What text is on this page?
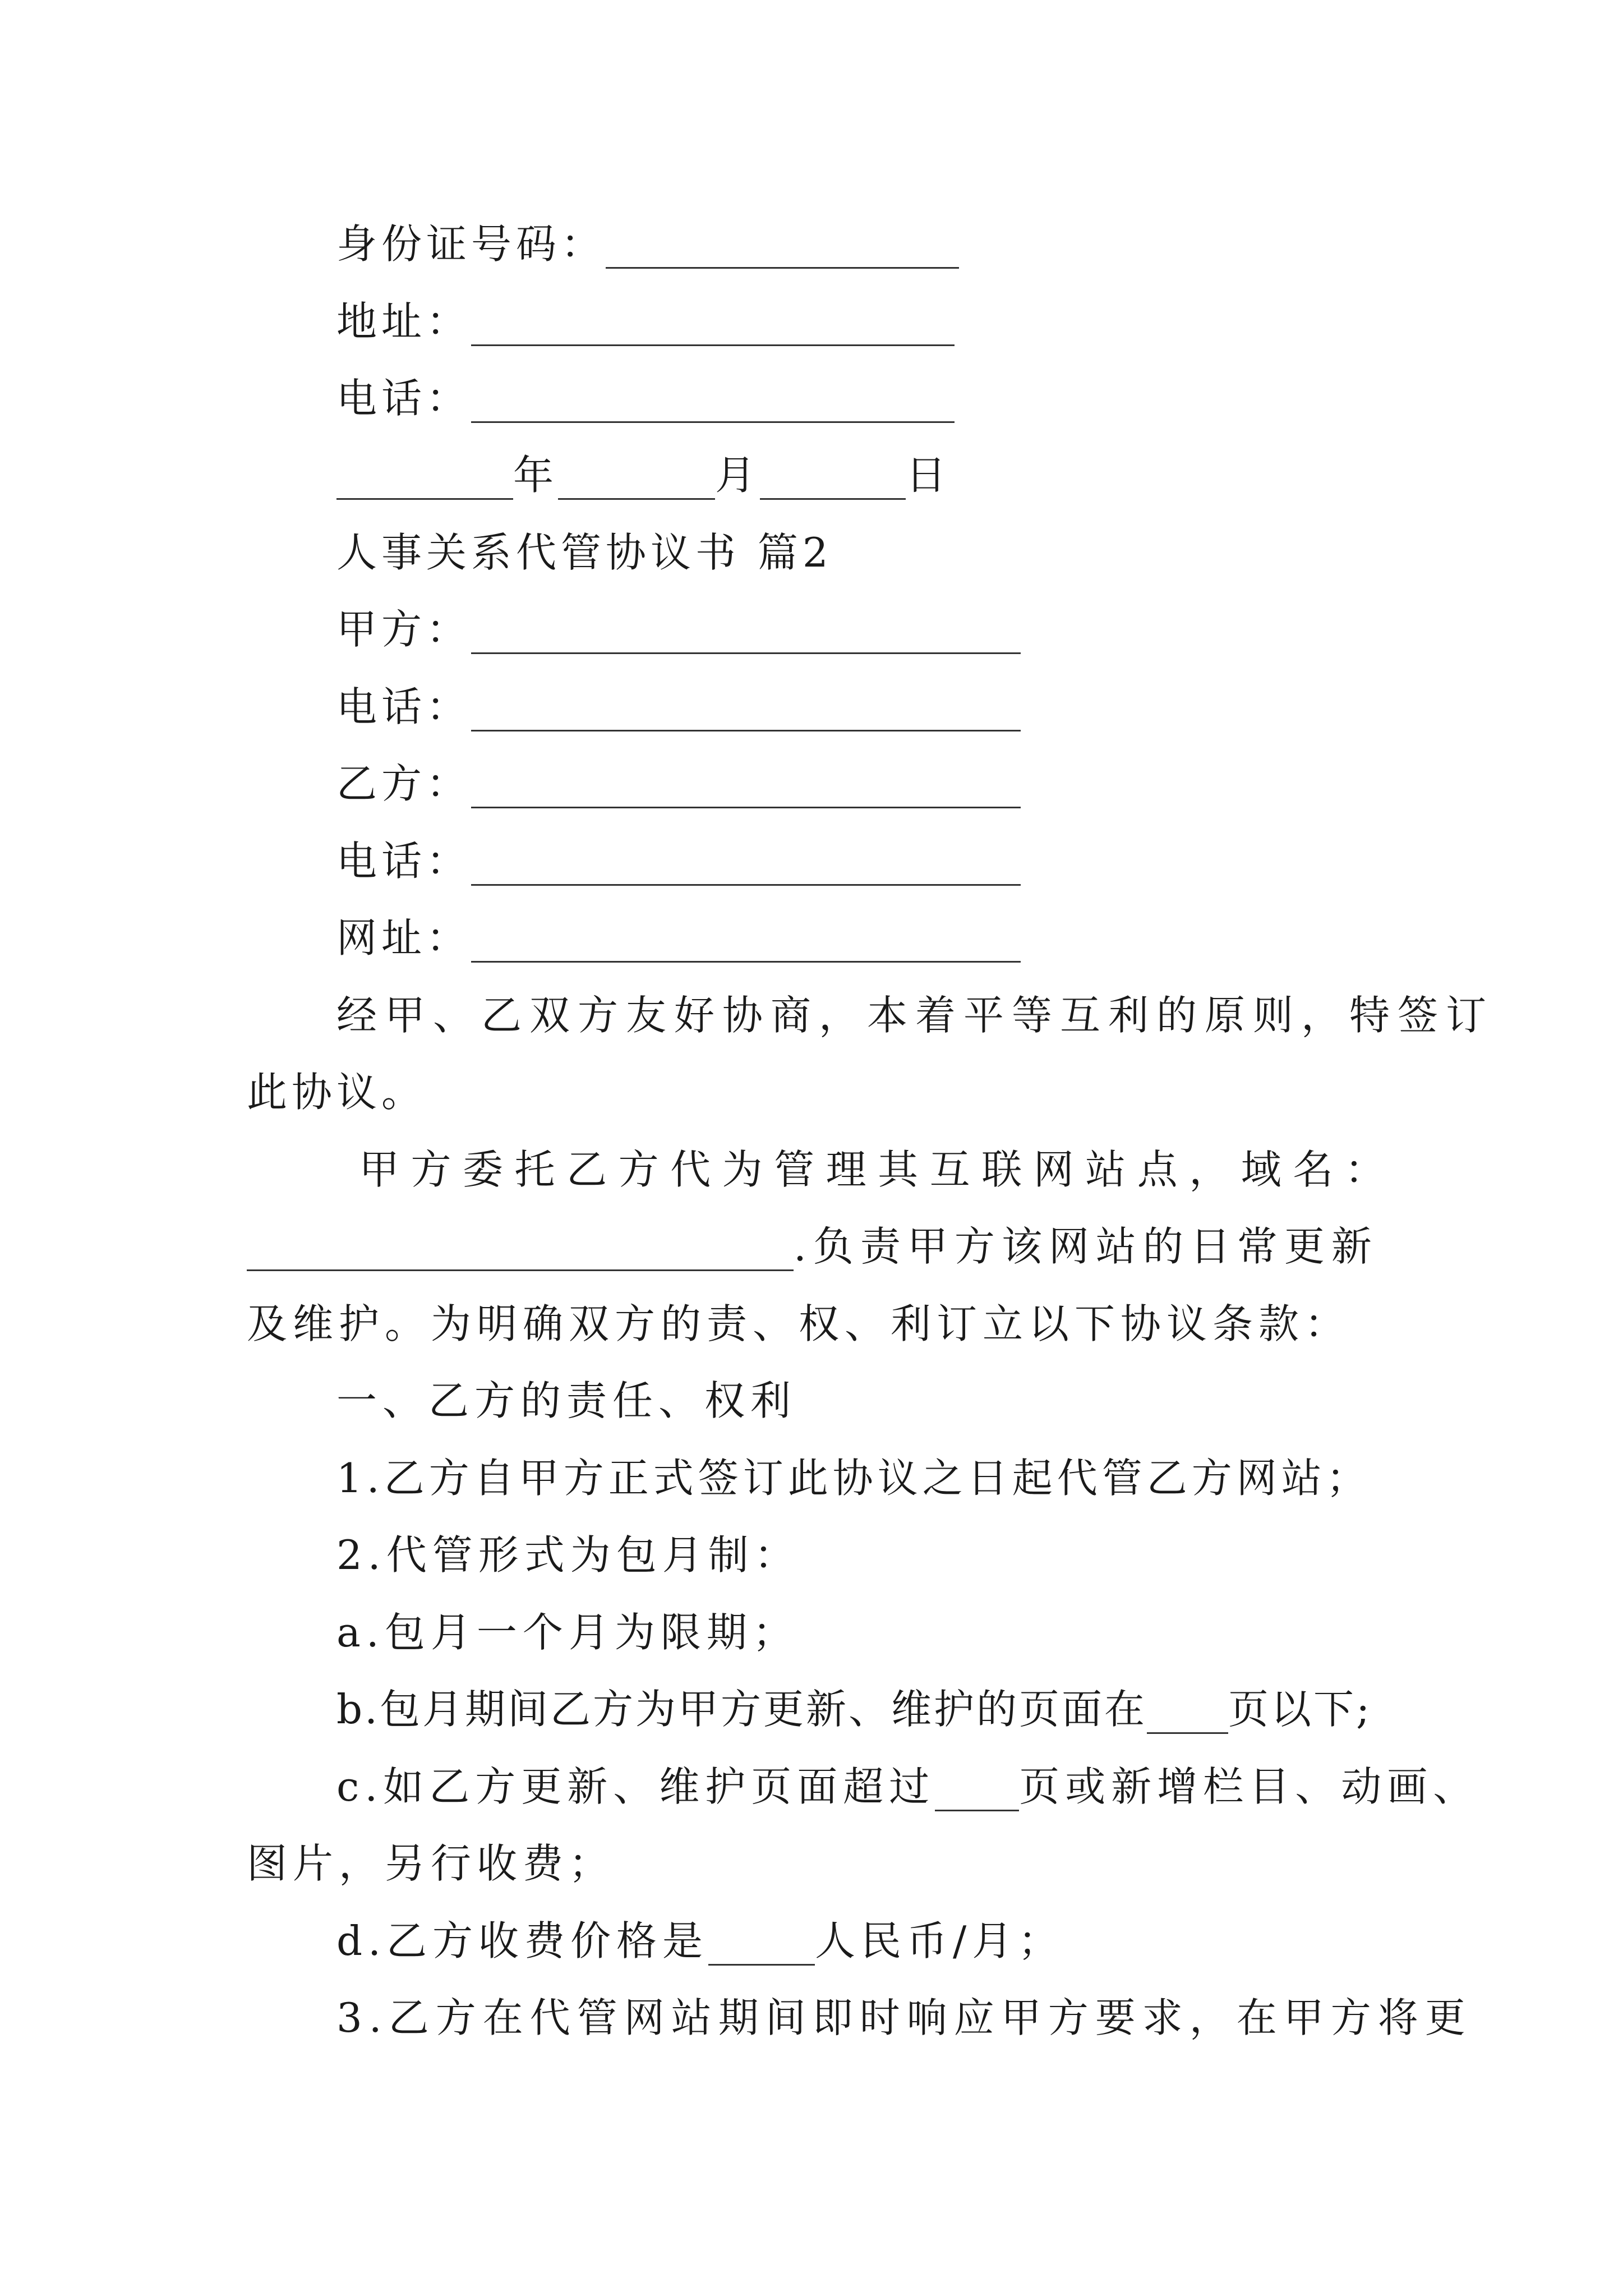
身份证号码：
地址：
电话：
年	月	日
人事关系代管协议书 篇2
甲方：
电话：
乙方：
电话：
网址：
经甲、乙双方友好协商，本着平等互利的原则，特签订
此协议。
甲 方 委 托 乙 方 代 为 管 理 其 互 联 网 站 点 ， 域 名 ：
.负责甲方该网站的日常更新
及维护。为明确双方的责、权、利订立以下协议条款：
一、乙方的责任、权利
1.乙方自甲方正式签订此协议之日起代管乙方网站；
2.代管形式为包月制：
a.包月一个月为限期；
b.包月期间乙方为甲方更新、维护的页面在 页以下;
c.如乙方更新、维护页面超过 页或新增栏目、动画、
图片，另行收费；
d.乙方收费价格是	人民币/月；
3.乙方在代管网站期间即时响应甲方要求，在甲方将更
